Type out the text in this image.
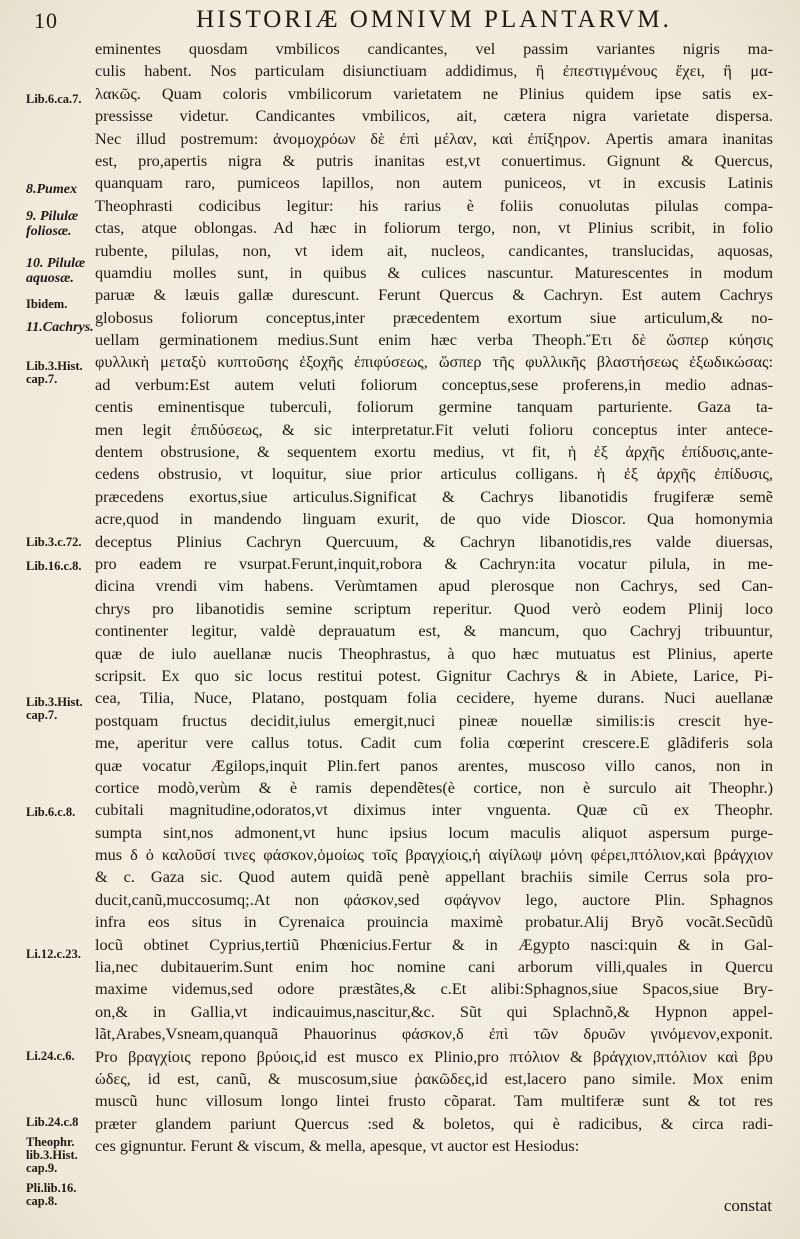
10	HISTORIÆ OMNIVM PLANTARVM.
Lib.6.ca.7.
8.Pumex
9. Pilulæ foliosæ.
10. Pilulæ aquosæ.
Ibidem.
11.Cachrys.
Lib.3.Hist. cap.7.
Lib.3.c.72.
Lib.16.c.8.
Lib.3.Hist. cap.7.
Lib.6.c.8.
Li.12.c.23.
Li.24.c.6.
Lib.24.c.8
Theophr. lib.3.Hist. cap.9.
Pli.lib.16. cap.8.
eminentes quosdam vmbilicos candicantes, vel passim variantes nigris ma-
culis habent. Nos particulam disiunctiuam addidimus, ἢ ἐπεστιγμένους ἔχει, ἢ μα-
λακῶς. Quam coloris vmbilicorum varietatem ne Plinius quidem ipse satis ex-
pressisse videtur. Candicantes vmbilicos, ait, cætera nigra varietate dispersa.
Nec illud postremum: ἀνομοχρόων δὲ ἐπὶ μέλαν, καὶ ἐπίξηρον. Apertis amara inanitas
est, pro,apertis nigra & putris inanitas est,vt conuertimus. Gignunt & Quercus,
quanquam raro, pumiceos lapillos, non autem puniceos, vt in excusis Latinis
Theophrasti codicibus legitur: his rarius è foliis conuolutas pilulas compa-
ctas, atque oblongas. Ad hæc in foliorum tergo, non, vt Plinius scribit, in folio
rubente, pilulas, non, vt idem ait, nucleos, candicantes, translucidas, aquosas,
quamdiu molles sunt, in quibus & culices nascuntur. Maturescentes in modum
paruæ & læuis gallæ durescunt. Ferunt Quercus & Cachryn. Est autem Cachrys
globosus foliorum conceptus,inter præcedentem exortum siue articulum,& no-
uellam germinationem medius.Sunt enim hæc verba Theoph.Ἔτι δὲ ὥσπερ κύησις
φυλλικὴ μεταξὺ κυπτοῦσης ἐξοχῆς ἐπιφύσεως, ὥσπερ τῆς φυλλικῆς βλαστήσεως ἐξωδικώσας:
ad verbum:Est autem veluti foliorum conceptus,sese proferens,in medio adnas-
centis eminentisque tuberculi, foliorum germine tanquam parturiente. Gaza ta-
men legit ἐπιδύσεως, & sic interpretatur.Fit veluti folioru conceptus inter antece-
dentem obstrusione, & sequentem exortu medius, vt fit, ἡ ἐξ ἀρχῆς ἐπίδυσις,ante-
cedens obstrusio, vt loquitur, siue prior articulus colligans. ἡ ἐξ ἀρχῆς ἐπίδυσις,
præcedens exortus,siue articulus.Significat & Cachrys libanotidis frugiferæ semẽ
acre,quod in mandendo linguam exurit, de quo vide Dioscor. Qua homonymia
deceptus Plinius Cachryn Quercuum, & Cachryn libanotidis,res valde diuersas,
pro eadem re vsurpat.Ferunt,inquit,robora & Cachryn:ita vocatur pilula, in me-
dicina vrendi vim habens. Verùmtamen apud plerosque non Cachrys, sed Can-
chrys pro libanotidis semine scriptum reperitur. Quod verò eodem Plinij loco
continenter legitur, valdè deprauatum est, & mancum, quo Cachryj tribuuntur,
quæ de iulo auellanæ nucis Theophrastus, à quo hæc mutuatus est Plinius, aperte
scripsit. Ex quo sic locus restitui potest. Gignitur Cachrys & in Abiete, Larice, Pi-
cea, Tilia, Nuce, Platano, postquam folia cecidere, hyeme durans. Nuci auellanæ
postquam fructus decidit,iulus emergit,nuci pineæ nouellæ similis:is crescit hye-
me, aperitur vere callus totus. Cadit cum folia cœperint crescere.E glãdiferis sola
quæ vocatur Ægilops,inquit Plin.fert panos arentes, muscoso villo canos, non in
cortice modò,verùm & è ramis dependẽtes(è cortice, non è surculo ait Theophr.)
cubitali magnitudine,odoratos,vt diximus inter vnguenta. Quæ cũ ex Theophr.
sumpta sint,nos admonent,vt hunc ipsius locum maculis aliquot aspersum purge-
mus δ ὀ καλοῦσί τινες φάσκον,ὁμοίως τοῖς βραγχίοις,ἡ αἰγίλωψ μόνη φέρει,πτόλιον,καὶ βράγχιον
& c. Gaza sic. Quod autem quidã penè appellant brachiis simile Cerrus sola pro-
ducit,canũ,muccosumq;.At non φάσκον,sed σφάγνον lego, auctore Plin. Sphagnos
infra eos situs in Cyrenaica prouincia maximè probatur.Alij Bryõ vocãt.Secũdũ
locũ obtinet Cyprius,tertiũ Phœnicius.Fertur & in Ægypto nasci:quin & in Gal-
lia,nec dubitauerim.Sunt enim hoc nomine cani arborum villi,quales in Quercu
maxime videmus,sed odore præstãtes,& c.Et alibi:Sphagnos,siue Spacos,siue Bry-
on,& in Gallia,vt indicauimus,nascitur,&c. Sũt qui Splachnõ,& Hypnon appel-
lãt,Arabes,Vsneam,quanquã Phauorinus φάσκον,δ ἐπὶ τῶν δρυῶν γινόμενον,exponit.
Pro βραγχίοις repono βρύοις,id est musco ex Plinio,pro πτόλιον & βράγχιον,πτόλιον καὶ βρυ
ώδες, id est, canũ, & muscosum,siue ῥακῶδες,id est,lacero pano simile. Mox enim
muscũ hunc villosum longo lintei frusto cõparat. Tam multiferæ sunt & tot res
præter glandem pariunt Quercus :sed & boletos, qui è radicibus, & circa radi-
ces gignuntur. Ferunt & viscum, & mella, apesque, vt auctor est Hesiodus:
constat
